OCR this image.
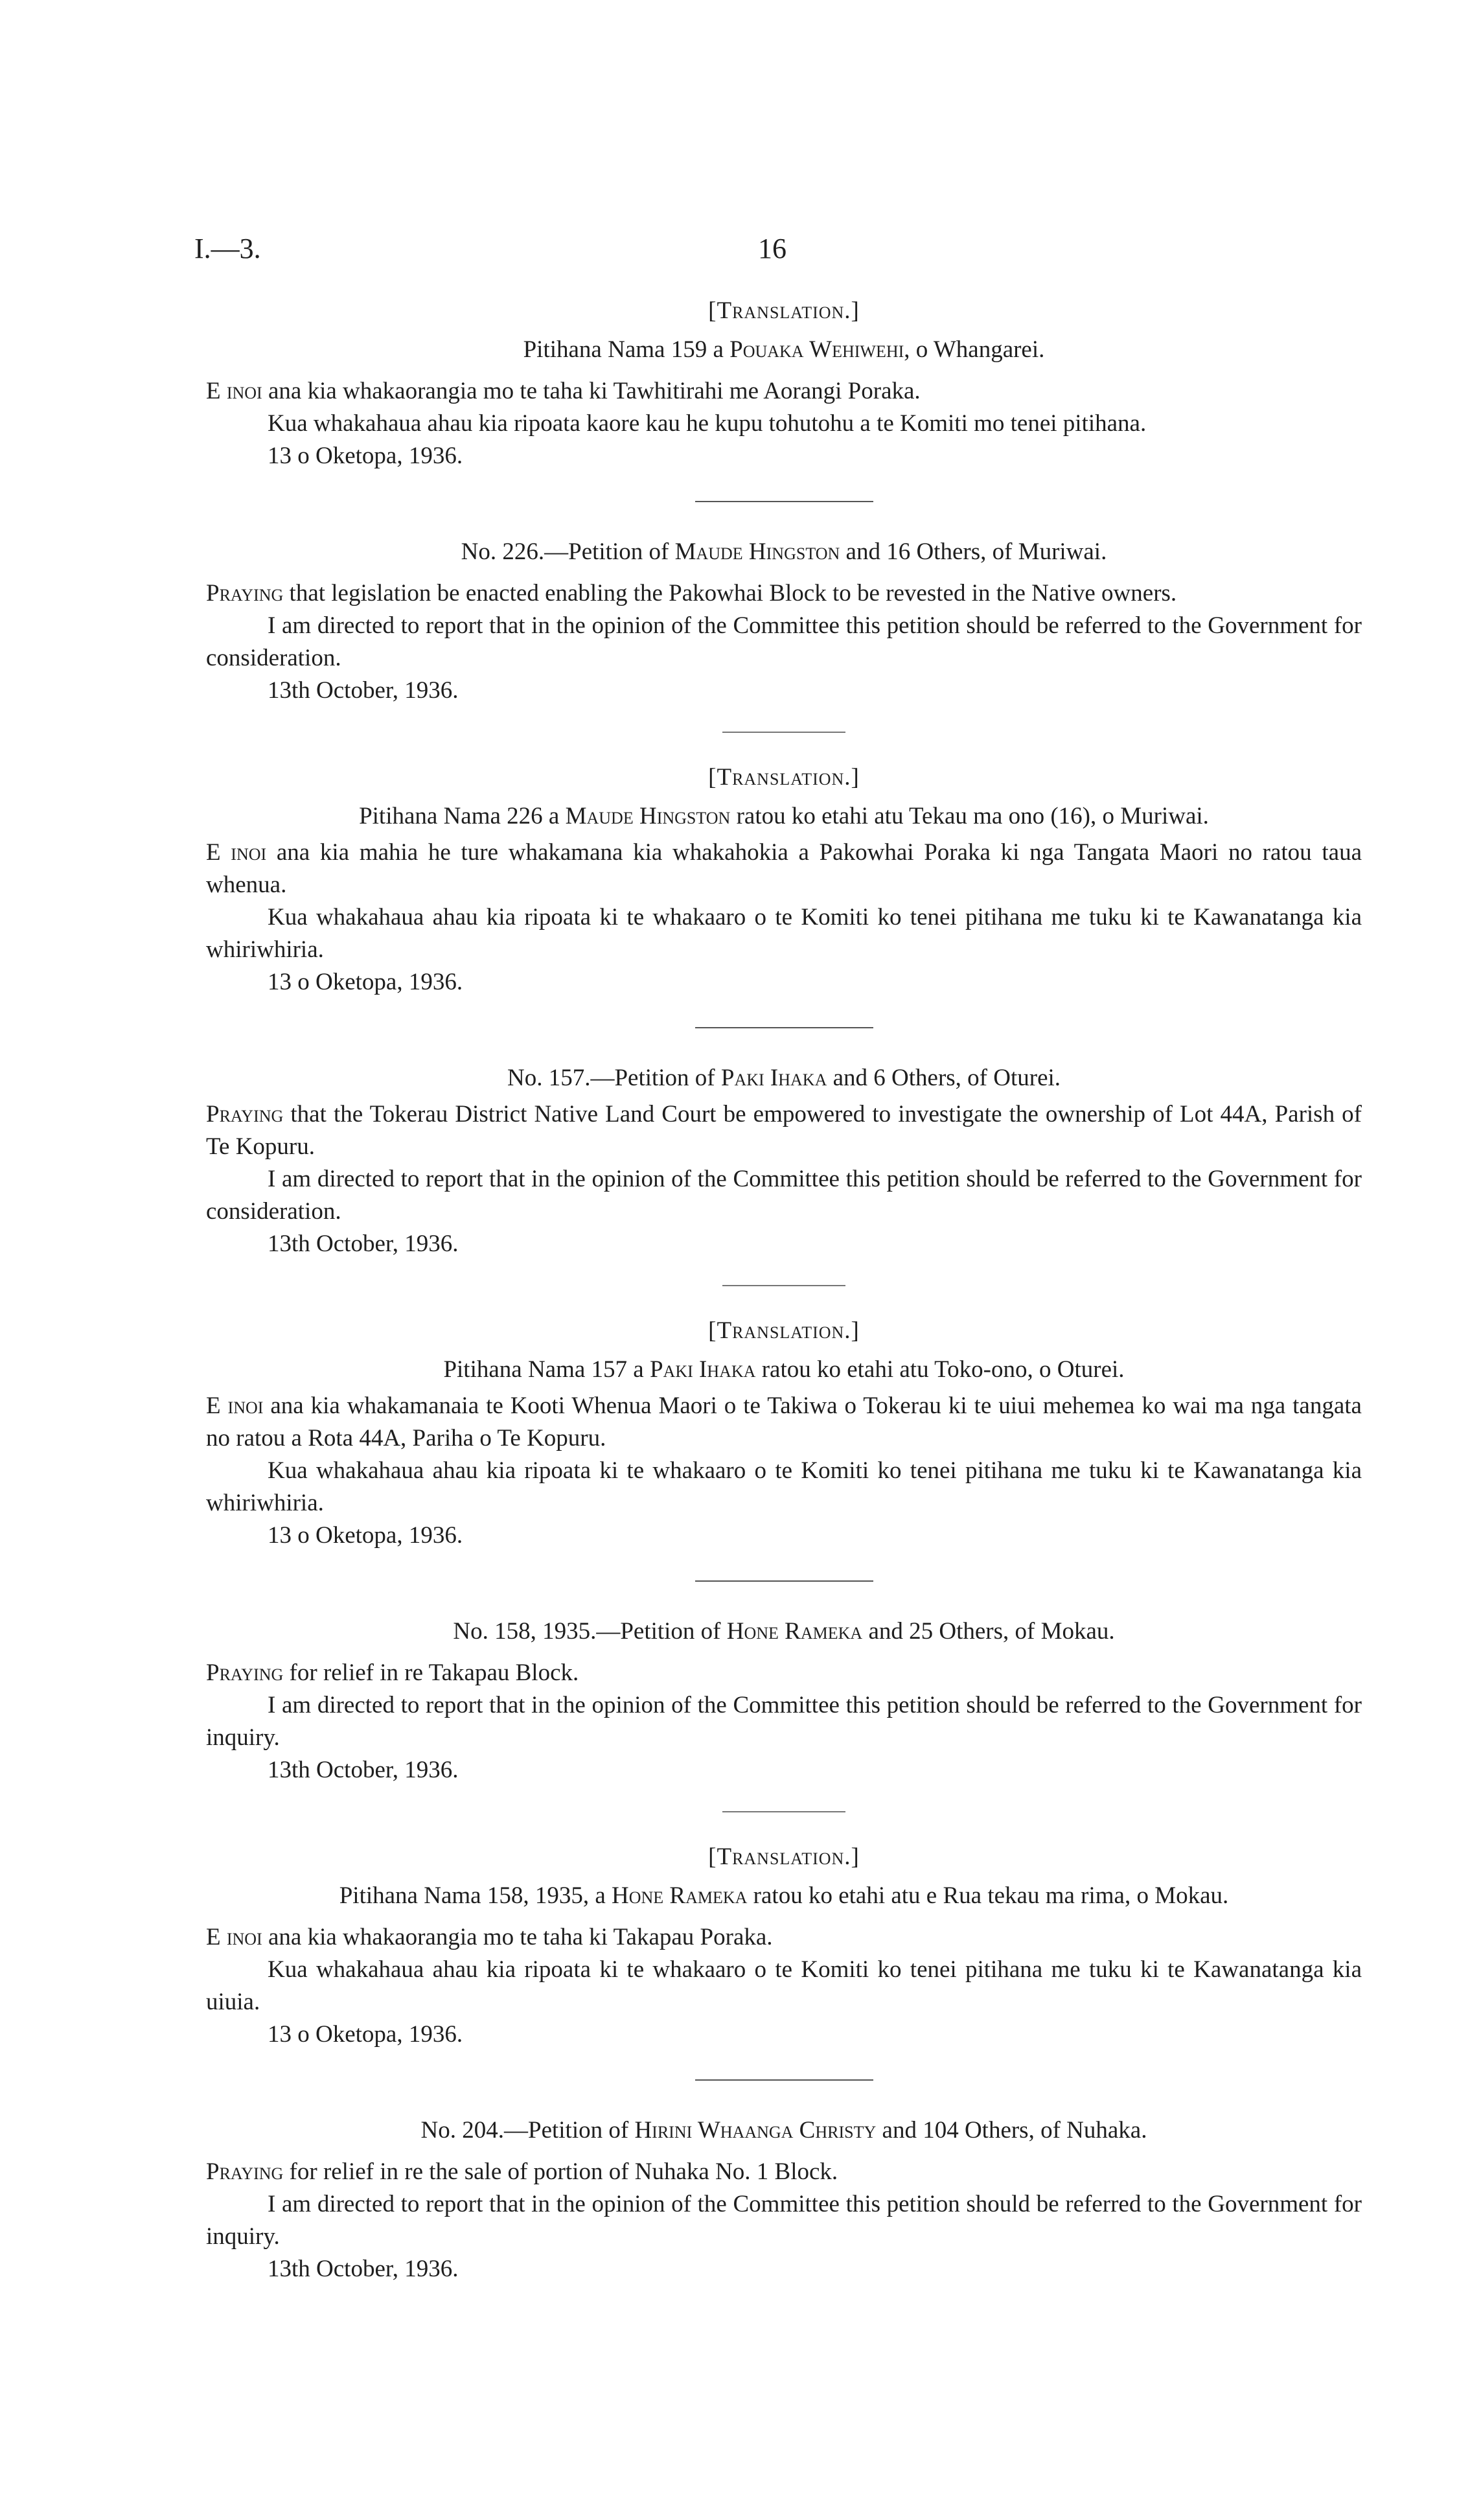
I.—3.	16

[Translation.]

Pitihana Nama 159 a Pouaka Wehiwehi, o Whangarei.

E inoi ana kia whakaorangia mo te taha ki Tawhitirahi me Aorangi Poraka.

Kua whakahaua ahau kia ripoata kaore kau he kupu tohutohu a te Komiti mo tenei pitihana.

13 o Oketopa, 1936.

No. 226.—Petition of Maude Hingston and 16 Others, of Muriwai.

Praying that legislation be enacted enabling the Pakowhai Block to be revested in the Native owners.

I am directed to report that in the opinion of the Committee this petition should be referred to the Government for consideration.

13th October, 1936.

[Translation.]

Pitihana Nama 226 a Maude Hingston ratou ko etahi atu Tekau ma ono (16), o Muriwai.

E inoi ana kia mahia he ture whakamana kia whakahokia a Pakowhai Poraka ki nga Tangata Maori no ratou taua whenua.

Kua whakahaua ahau kia ripoata ki te whakaaro o te Komiti ko tenei pitihana me tuku ki te Kawanatanga kia whiriwhiria.

13 o Oketopa, 1936.

No. 157.—Petition of Paki Ihaka and 6 Others, of Oturei.

Praying that the Tokerau District Native Land Court be empowered to investigate the ownership of Lot 44A, Parish of Te Kopuru.

I am directed to report that in the opinion of the Committee this petition should be referred to the Government for consideration.

13th October, 1936.

[Translation.]

Pitihana Nama 157 a Paki Ihaka ratou ko etahi atu Toko-ono, o Oturei.

E inoi ana kia whakamanaia te Kooti Whenua Maori o te Takiwa o Tokerau ki te uiui mehemea ko wai ma nga tangata no ratou a Rota 44A, Pariha o Te Kopuru.

Kua whakahaua ahau kia ripoata ki te whakaaro o te Komiti ko tenei pitihana me tuku ki te Kawanatanga kia whiriwhiria.

13 o Oketopa, 1936.

No. 158, 1935.—Petition of Hone Rameka and 25 Others, of Mokau.

Praying for relief in re Takapau Block.

I am directed to report that in the opinion of the Committee this petition should be referred to the Government for inquiry.

13th October, 1936.

[Translation.]

Pitihana Nama 158, 1935, a Hone Rameka ratou ko etahi atu e Rua tekau ma rima, o Mokau.

E inoi ana kia whakaorangia mo te taha ki Takapau Poraka.

Kua whakahaua ahau kia ripoata ki te whakaaro o te Komiti ko tenei pitihana me tuku ki te Kawanatanga kia uiuia.

13 o Oketopa, 1936.

No. 204.—Petition of Hirini Whaanga Christy and 104 Others, of Nuhaka.

Praying for relief in re the sale of portion of Nuhaka No. 1 Block.

I am directed to report that in the opinion of the Committee this petition should be referred to the Government for inquiry.

13th October, 1936.
